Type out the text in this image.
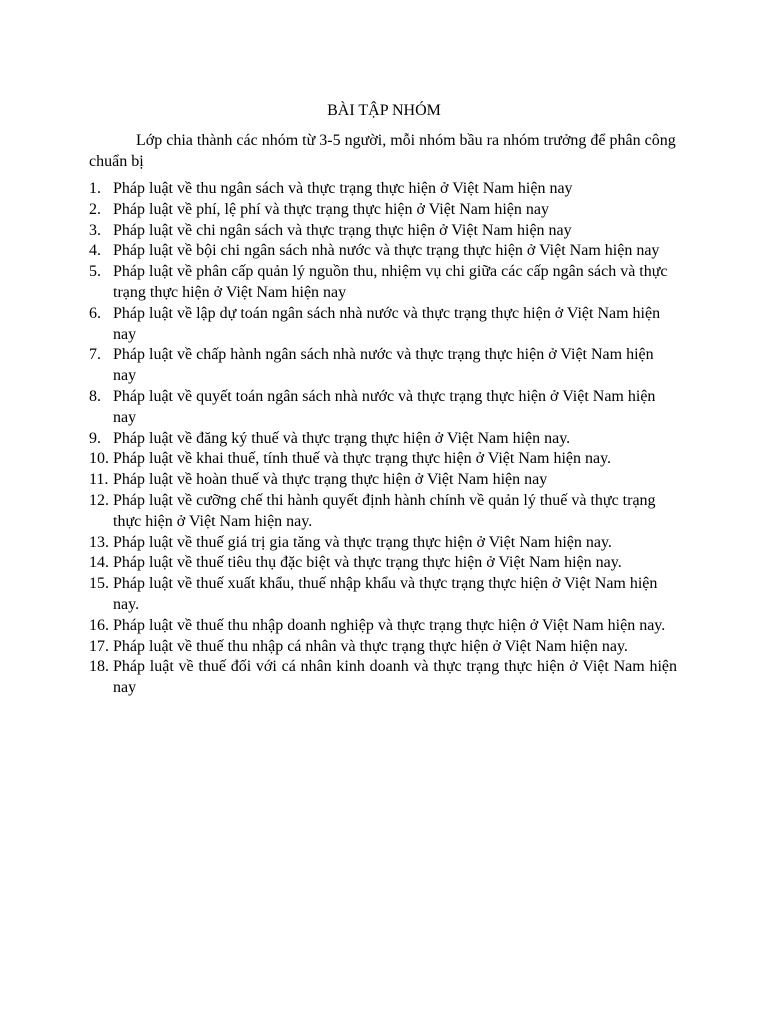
BÀI TẬP NHÓM
Lớp chia thành các nhóm từ 3-5 người, mỗi nhóm bầu ra nhóm trưởng để phân công chuẩn bị
1. Pháp luật về thu ngân sách và thực trạng thực hiện ở Việt Nam hiện nay
2. Pháp luật về phí, lệ phí và thực trạng thực hiện ở Việt Nam hiện nay
3. Pháp luật về chi ngân sách và thực trạng thực hiện ở Việt Nam hiện nay
4. Pháp luật về bội chi ngân sách nhà nước và thực trạng thực hiện ở Việt Nam hiện nay
5. Pháp luật về phân cấp quản lý nguồn thu, nhiệm vụ chi giữa các cấp ngân sách và thực trạng thực hiện ở Việt Nam hiện nay
6. Pháp luật về lập dự toán ngân sách nhà nước và thực trạng thực hiện ở Việt Nam hiện nay
7. Pháp luật về chấp hành ngân sách nhà nước và thực trạng thực hiện ở Việt Nam hiện nay
8. Pháp luật về quyết toán ngân sách nhà nước và thực trạng thực hiện ở Việt Nam hiện nay
9. Pháp luật về đăng ký thuế và thực trạng thực hiện ở Việt Nam hiện nay.
10. Pháp luật về khai thuế, tính thuế và thực trạng thực hiện ở Việt Nam hiện nay.
11. Pháp luật về hoàn thuế và thực trạng thực hiện ở Việt Nam hiện nay
12. Pháp luật về cưỡng chế thi hành quyết định hành chính về quản lý thuế và thực trạng thực hiện ở Việt Nam hiện nay.
13. Pháp luật về thuế giá trị gia tăng và thực trạng thực hiện ở Việt Nam hiện nay.
14. Pháp luật về thuế tiêu thụ đặc biệt và thực trạng thực hiện ở Việt Nam hiện nay.
15. Pháp luật về thuế xuất khẩu, thuế nhập khẩu và thực trạng thực hiện ở Việt Nam hiện nay.
16. Pháp luật về thuế thu nhập doanh nghiệp và thực trạng thực hiện ở Việt Nam hiện nay.
17. Pháp luật về thuế thu nhập cá nhân và thực trạng thực hiện ở Việt Nam hiện nay.
18. Pháp luật về thuế đối với cá nhân kinh doanh và thực trạng thực hiện ở Việt Nam hiện nay
